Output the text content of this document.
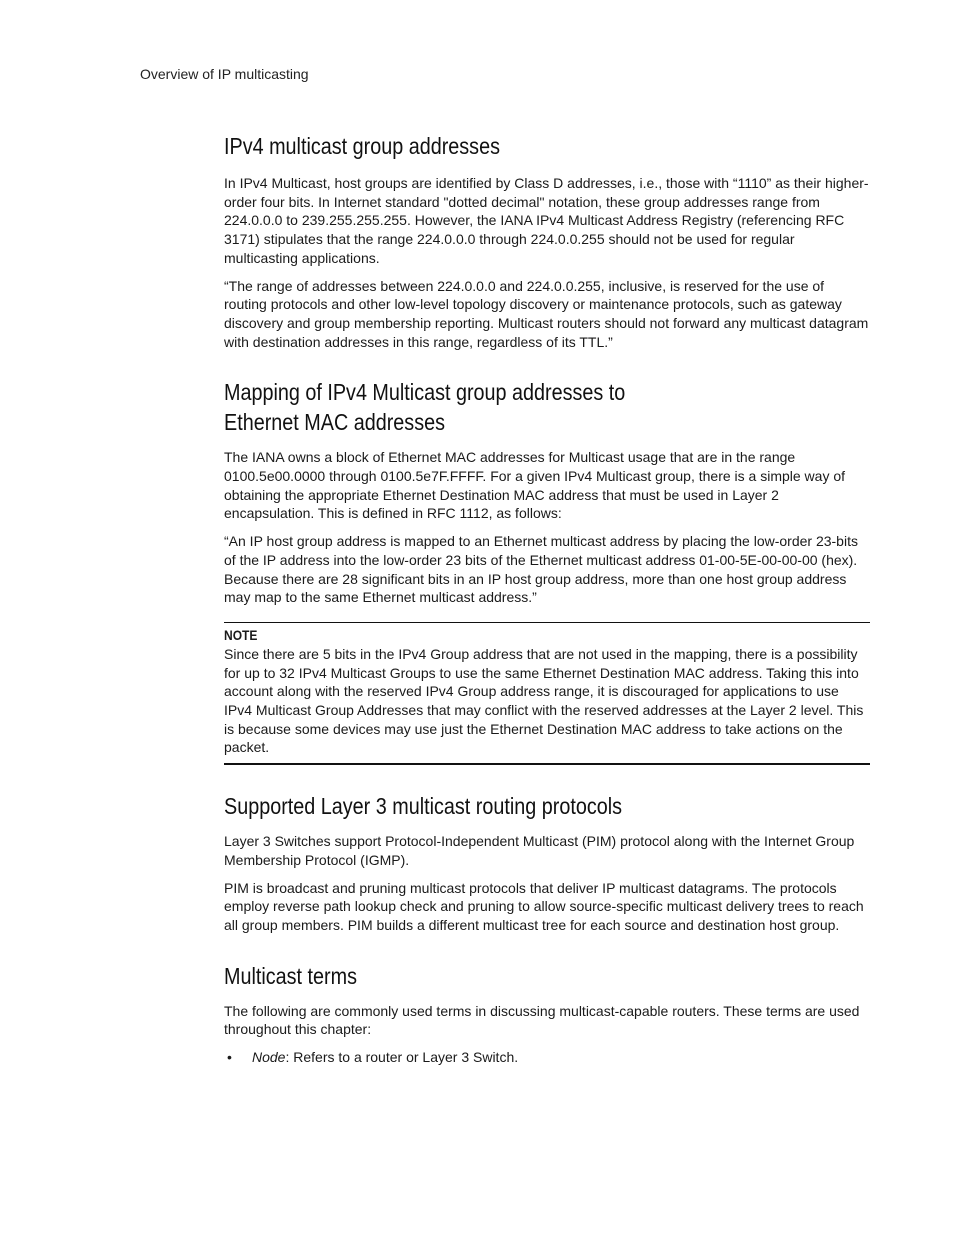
Overview of IP multicasting
IPv4 multicast group addresses

In IPv4 Multicast, host groups are identified by Class D addresses, i.e., those with “1110” as their higher-order four bits. In Internet standard "dotted decimal" notation, these group addresses range from 224.0.0.0 to 239.255.255.255. However, the IANA IPv4 Multicast Address Registry (referencing RFC 3171) stipulates that the range 224.0.0.0 through 224.0.0.255 should not be used for regular multicasting applications.

“The range of addresses between 224.0.0.0 and 224.0.0.255, inclusive, is reserved for the use of routing protocols and other low-level topology discovery or maintenance protocols, such as gateway discovery and group membership reporting. Multicast routers should not forward any multicast datagram with destination addresses in this range, regardless of its TTL.”

Mapping of IPv4 Multicast group addresses to
Ethernet MAC addresses

The IANA owns a block of Ethernet MAC addresses for Multicast usage that are in the range 0100.5e00.0000 through 0100.5e7F.FFFF. For a given IPv4 Multicast group, there is a simple way of obtaining the appropriate Ethernet Destination MAC address that must be used in Layer 2 encapsulation. This is defined in RFC 1112, as follows:

“An IP host group address is mapped to an Ethernet multicast address by placing the low-order 23-bits of the IP address into the low-order 23 bits of the Ethernet multicast address 01-00-5E-00-00-00 (hex). Because there are 28 significant bits in an IP host group address, more than one host group address may map to the same Ethernet multicast address.”

NOTE

Since there are 5 bits in the IPv4 Group address that are not used in the mapping, there is a possibility for up to 32 IPv4 Multicast Groups to use the same Ethernet Destination MAC address. Taking this into account along with the reserved IPv4 Group address range, it is discouraged for applications to use IPv4 Multicast Group Addresses that may conflict with the reserved addresses at the Layer 2 level. This is because some devices may use just the Ethernet Destination MAC address to take actions on the packet.

Supported Layer 3 multicast routing protocols

Layer 3 Switches support Protocol-Independent Multicast (PIM) protocol along with the Internet Group Membership Protocol (IGMP).

PIM is broadcast and pruning multicast protocols that deliver IP multicast datagrams. The protocols employ reverse path lookup check and pruning to allow source-specific multicast delivery trees to reach all group members. PIM builds a different multicast tree for each source and destination host group.

Multicast terms

The following are commonly used terms in discussing multicast-capable routers. These terms are used throughout this chapter:

• Node: Refers to a router or Layer 3 Switch.
